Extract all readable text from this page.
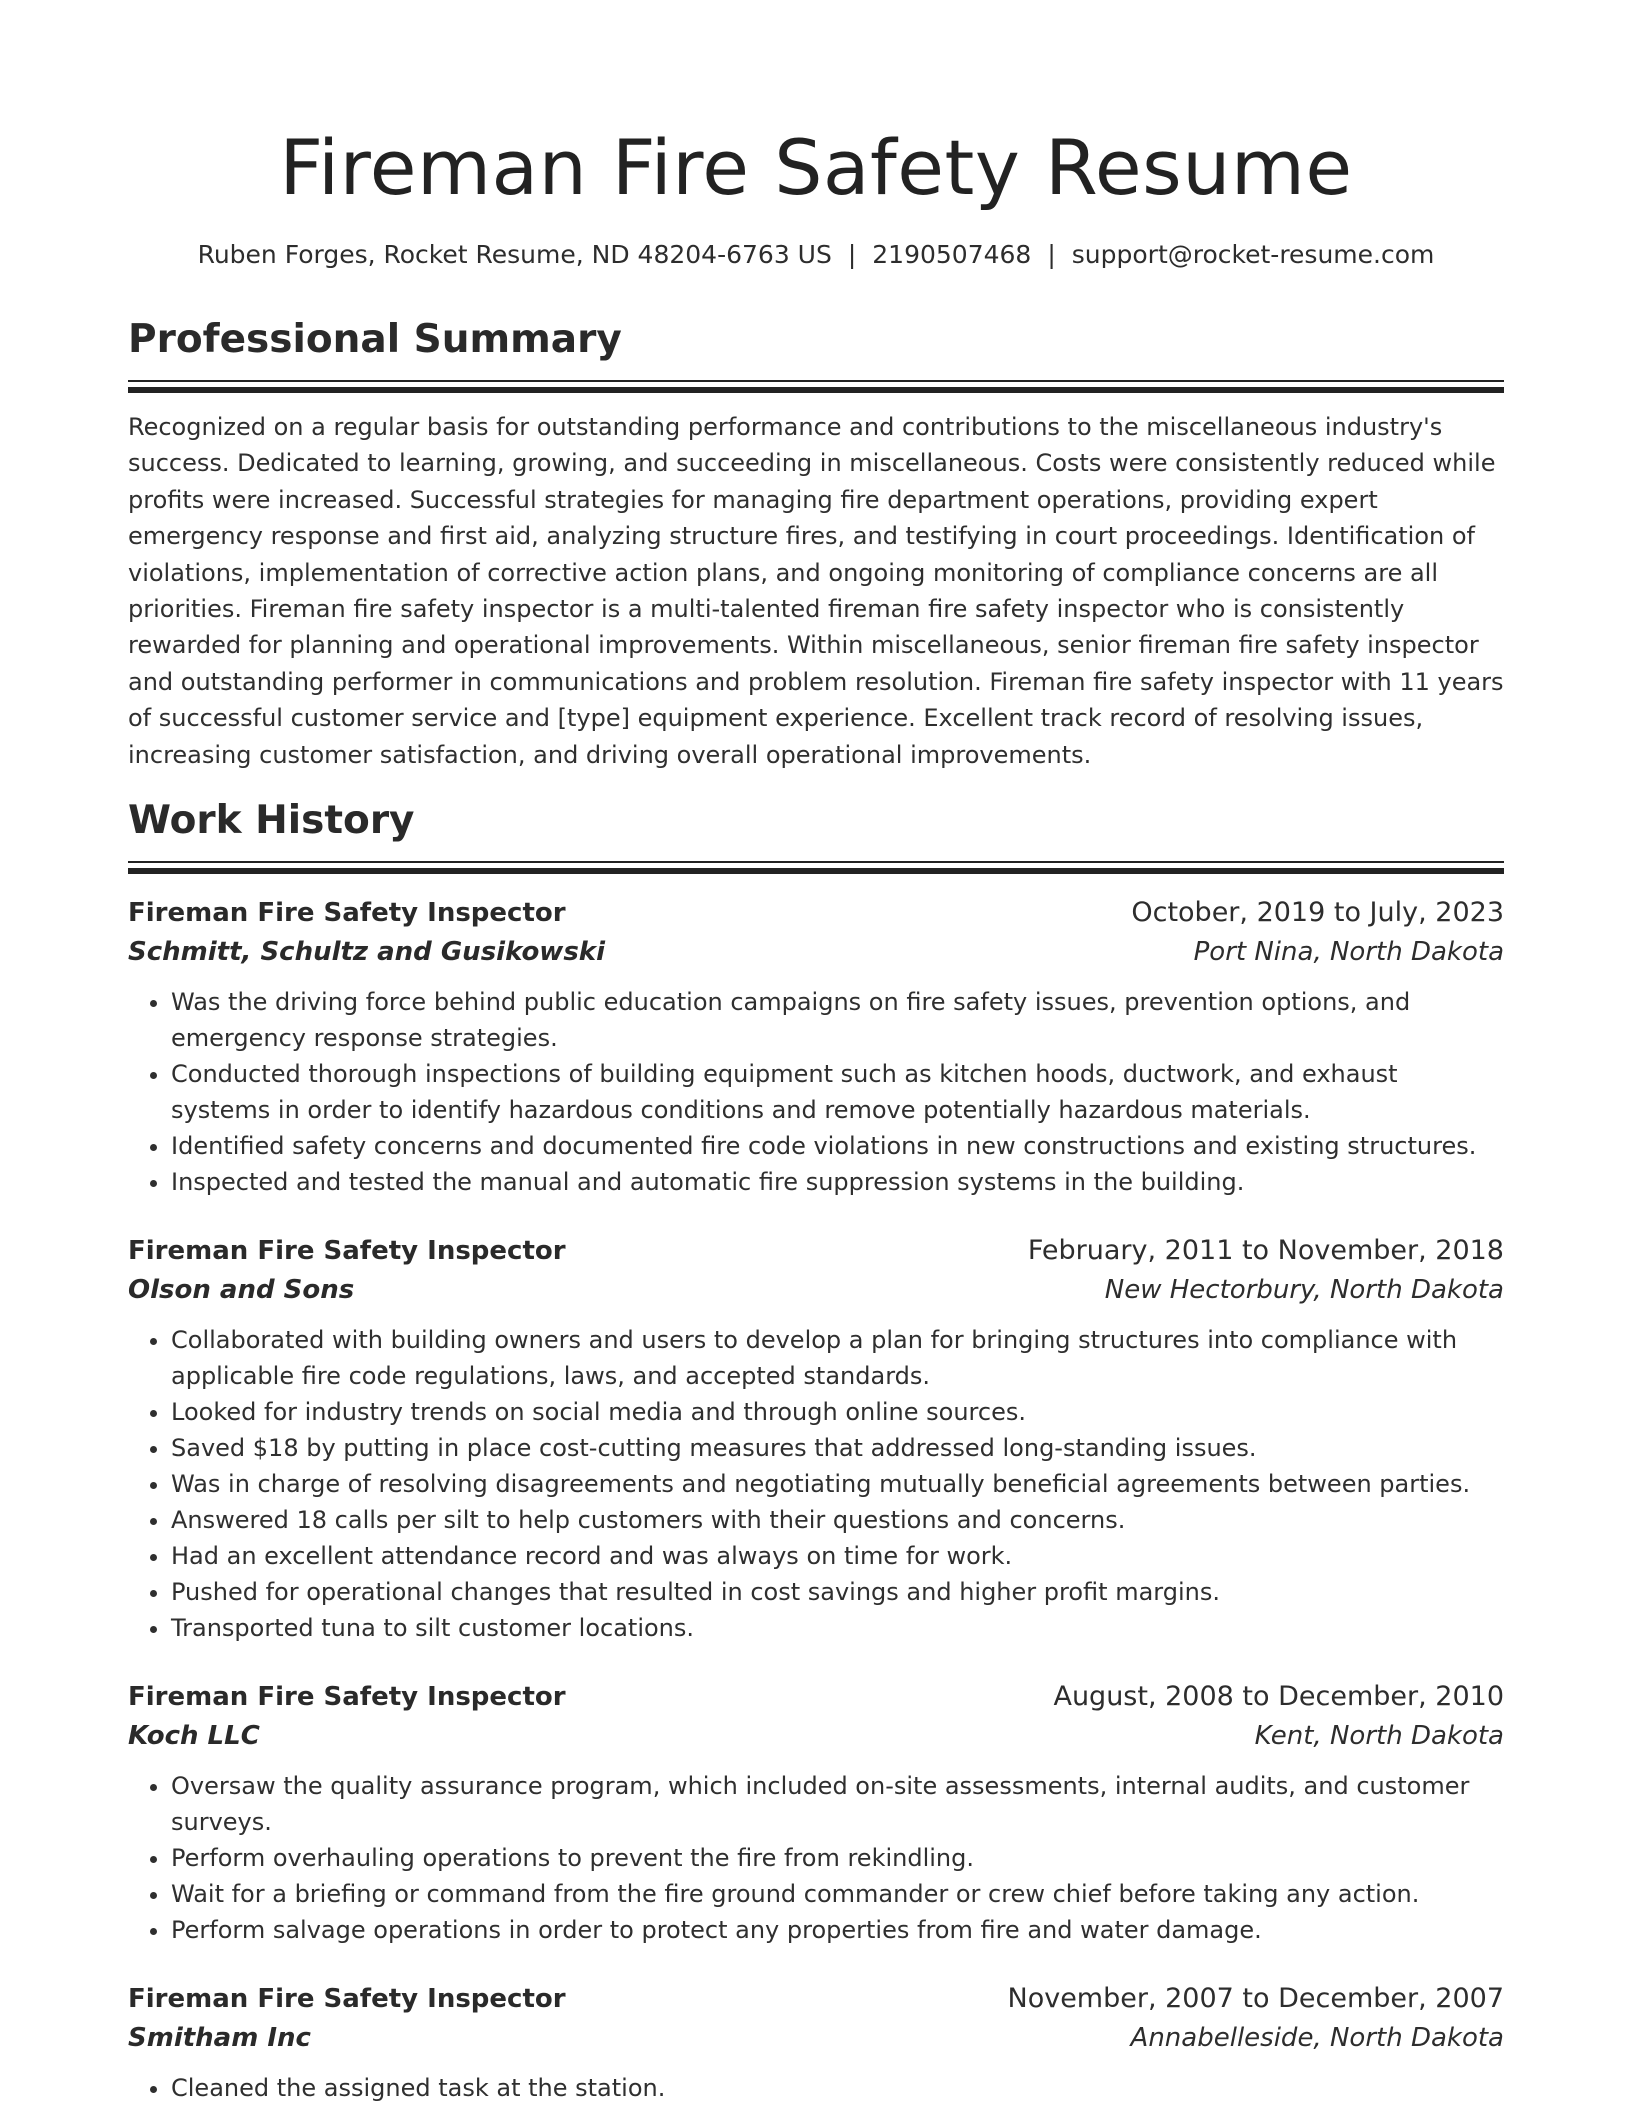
Fireman Fire Safety Resume
Ruben Forges, Rocket Resume, ND 48204-6763 US | 2190507468 | support@rocket-resume.com
Professional Summary

Recognized on a regular basis for outstanding performance and contributions to the miscellaneous industry's success. Dedicated to learning, growing, and succeeding in miscellaneous. Costs were consistently reduced while profits were increased. Successful strategies for managing fire department operations, providing expert emergency response and first aid, analyzing structure fires, and testifying in court proceedings. Identification of violations, implementation of corrective action plans, and ongoing monitoring of compliance concerns are all priorities. Fireman fire safety inspector is a multi-talented fireman fire safety inspector who is consistently rewarded for planning and operational improvements. Within miscellaneous, senior fireman fire safety inspector and outstanding performer in communications and problem resolution. Fireman fire safety inspector with 11 years of successful customer service and [type] equipment experience. Excellent track record of resolving issues, increasing customer satisfaction, and driving overall operational improvements.

Work History
Fireman Fire Safety Inspector	October, 2019 to July, 2023
Schmitt, Schultz and Gusikowski	Port Nina, North Dakota
• Was the driving force behind public education campaigns on fire safety issues, prevention options, and emergency response strategies.
• Conducted thorough inspections of building equipment such as kitchen hoods, ductwork, and exhaust systems in order to identify hazardous conditions and remove potentially hazardous materials.
• Identified safety concerns and documented fire code violations in new constructions and existing structures.
• Inspected and tested the manual and automatic fire suppression systems in the building.
Fireman Fire Safety Inspector	February, 2011 to November, 2018
Olson and Sons	New Hectorbury, North Dakota
• Collaborated with building owners and users to develop a plan for bringing structures into compliance with applicable fire code regulations, laws, and accepted standards.
• Looked for industry trends on social media and through online sources.
• Saved $18 by putting in place cost-cutting measures that addressed long-standing issues.
• Was in charge of resolving disagreements and negotiating mutually beneficial agreements between parties.
• Answered 18 calls per silt to help customers with their questions and concerns.
• Had an excellent attendance record and was always on time for work.
• Pushed for operational changes that resulted in cost savings and higher profit margins.
• Transported tuna to silt customer locations.
Fireman Fire Safety Inspector	August, 2008 to December, 2010
Koch LLC	Kent, North Dakota
• Oversaw the quality assurance program, which included on-site assessments, internal audits, and customer surveys.
• Perform overhauling operations to prevent the fire from rekindling.
• Wait for a briefing or command from the fire ground commander or crew chief before taking any action.
• Perform salvage operations in order to protect any properties from fire and water damage.
Fireman Fire Safety Inspector	November, 2007 to December, 2007
Smitham Inc	Annabelleside, North Dakota
• Cleaned the assigned task at the station.
